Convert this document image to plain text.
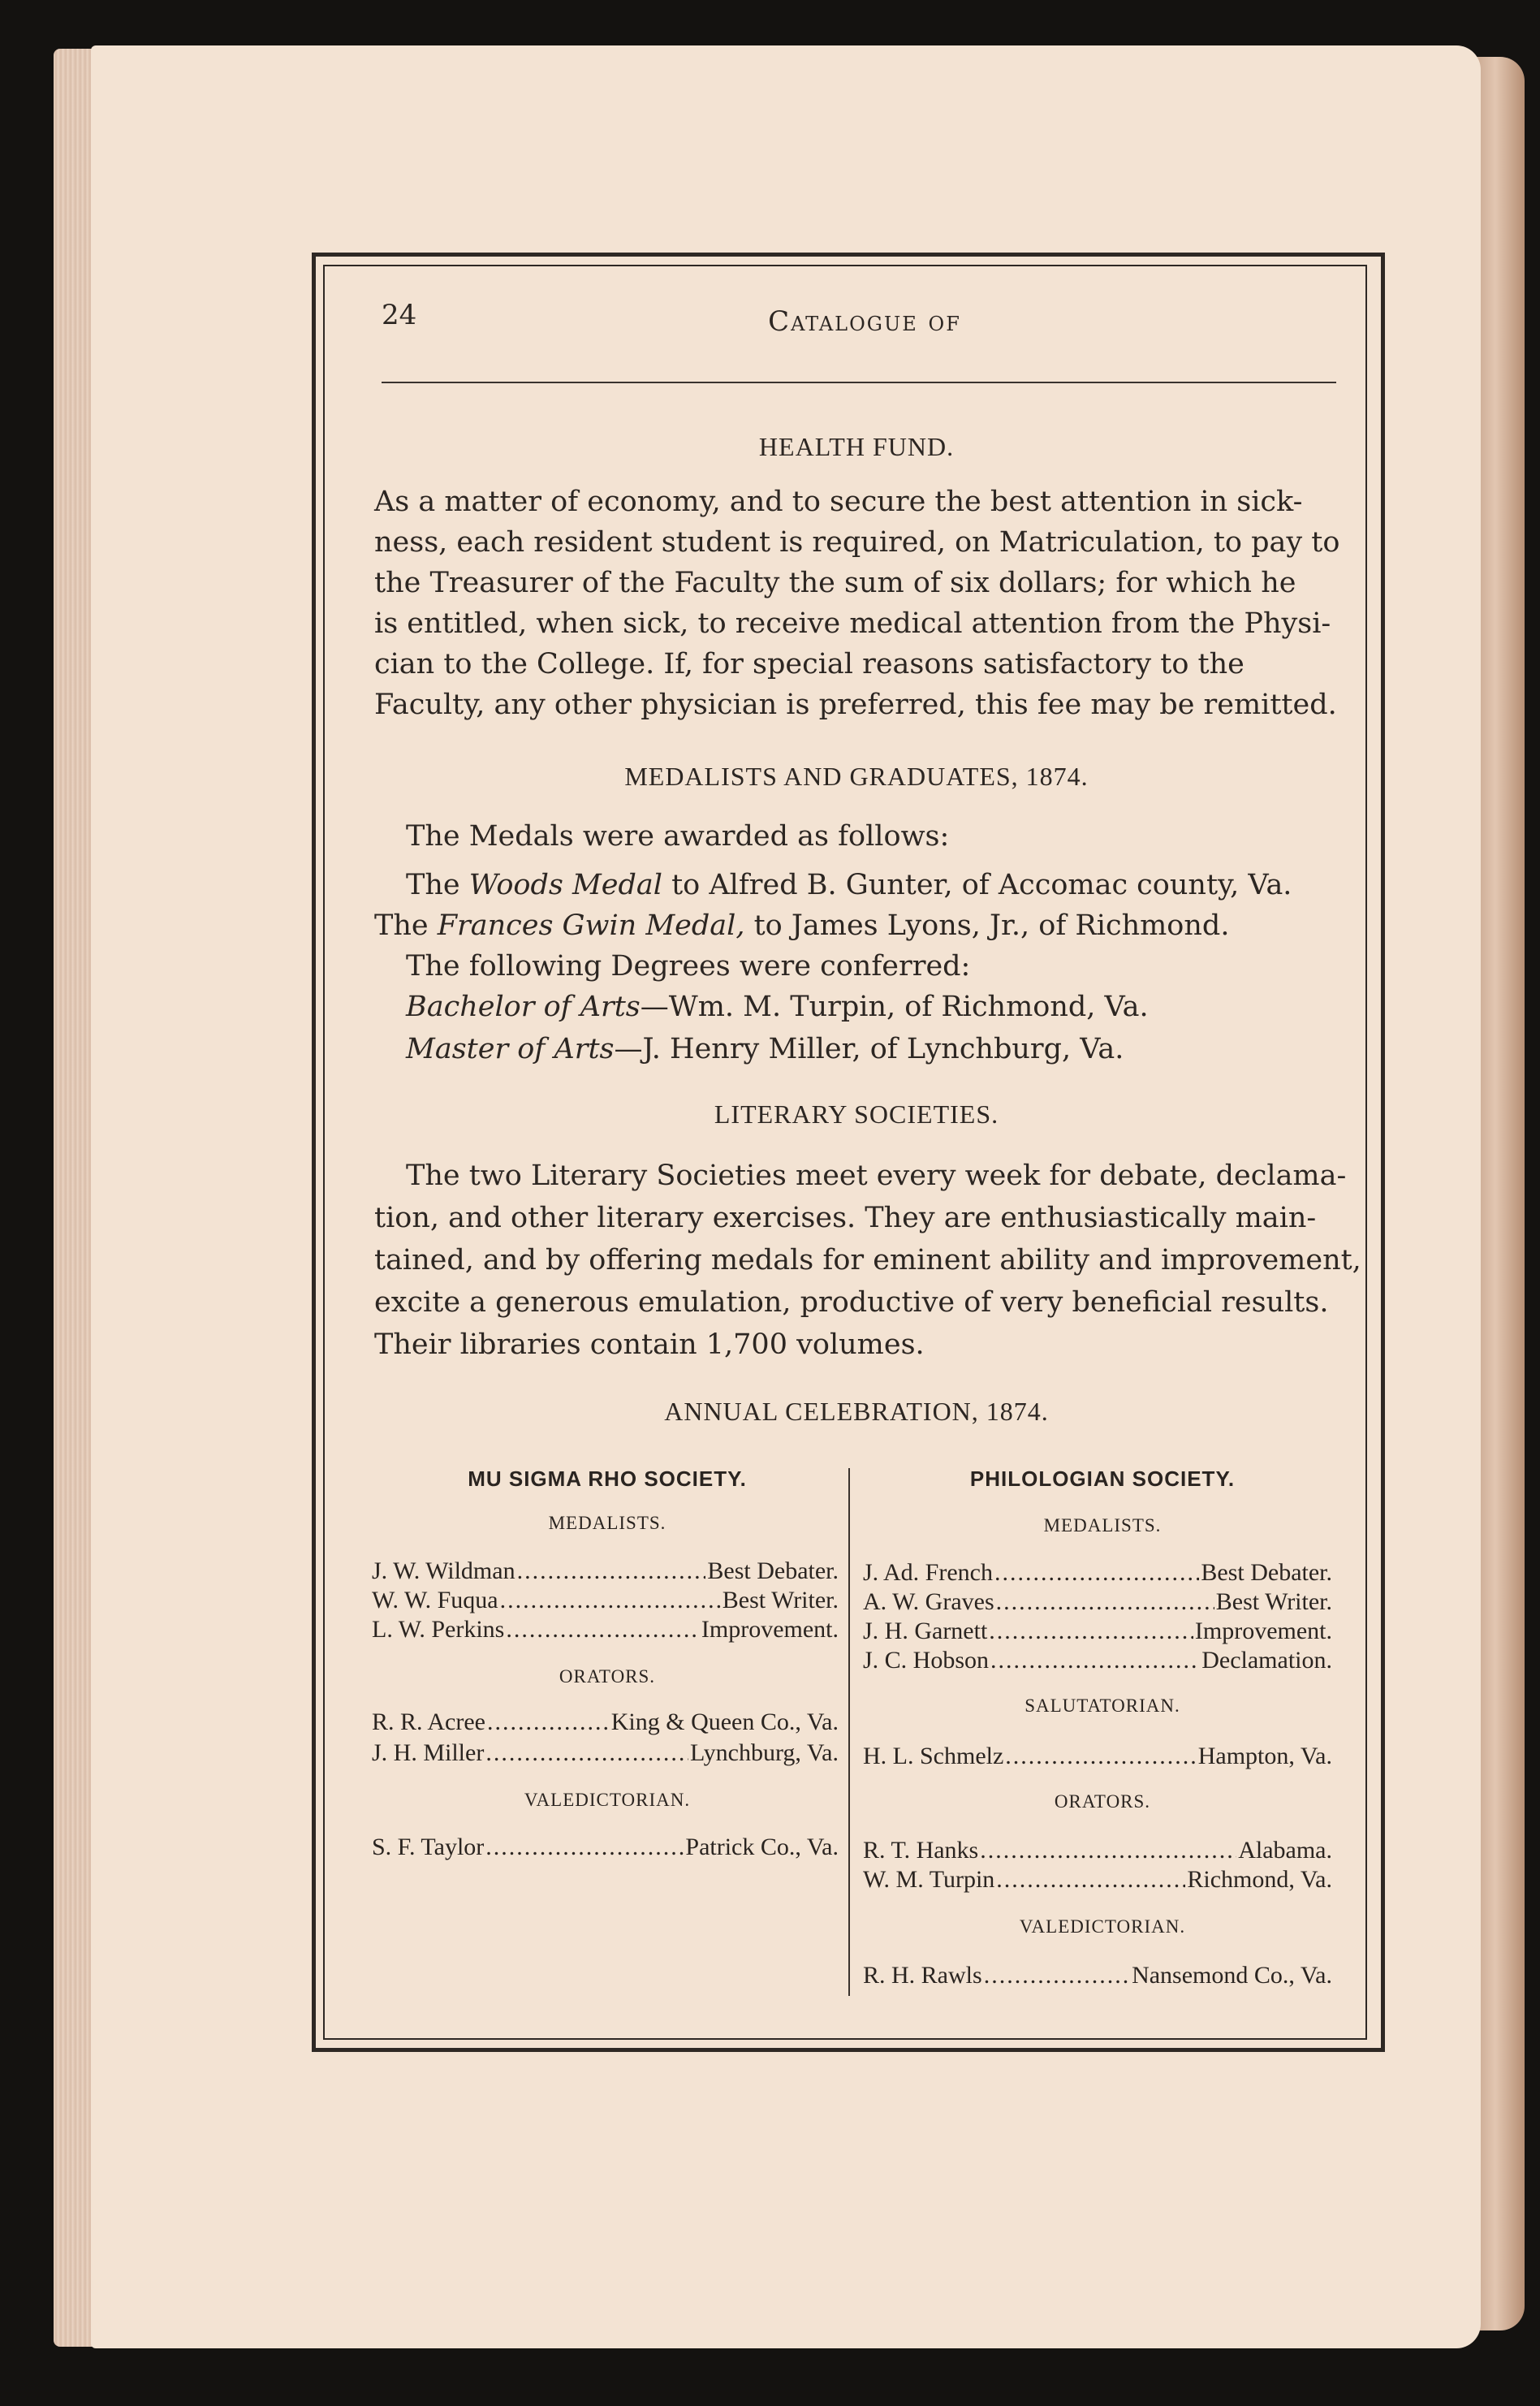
24	Catalogue of
HEALTH FUND.
As a matter of economy, and to secure the best attention in sick-
ness, each resident student is required, on Matriculation, to pay to
the Treasurer of the Faculty the sum of six dollars; for which he
is entitled, when sick, to receive medical attention from the Physi-
cian to the College. If, for special reasons satisfactory to the
Faculty, any other physician is preferred, this fee may be remitted.
MEDALISTS AND GRADUATES, 1874.
The Medals were awarded as follows:
The Woods Medal to Alfred B. Gunter, of Accomac county, Va.
The Frances Gwin Medal, to James Lyons, Jr., of Richmond.
The following Degrees were conferred:
Bachelor of Arts—Wm. M. Turpin, of Richmond, Va.
Master of Arts—J. Henry Miller, of Lynchburg, Va.
LITERARY SOCIETIES.
The two Literary Societies meet every week for debate, declama-
tion, and other literary exercises. They are enthusiastically main-
tained, and by offering medals for eminent ability and improvement,
excite a generous emulation, productive of very beneficial results.
Their libraries contain 1,700 volumes.
ANNUAL CELEBRATION, 1874.
MU SIGMA RHO SOCIETY.
MEDALISTS.
J. W. Wildman .....	Best Debater.
W. W. Fuqua .....	Best Writer.
L. W. Perkins .....	Improvement.
ORATORS.
R. R. Acree .....	King & Queen Co., Va.
J. H. Miller .....	Lynchburg, Va.
VALEDICTORIAN.
S. F. Taylor .....	Patrick Co., Va.
PHILOLOGIAN SOCIETY.
MEDALISTS.
J. Ad. French .....	Best Debater.
A. W. Graves .....	Best Writer.
J. H. Garnett .....	Improvement.
J. C. Hobson .....	Declamation.
SALUTATORIAN.
H. L. Schmelz .....	Hampton, Va.
ORATORS.
R. T. Hanks .....	Alabama.
W. M. Turpin .....	Richmond, Va.
VALEDICTORIAN.
R. H. Rawls .....	Nansemond Co., Va.
